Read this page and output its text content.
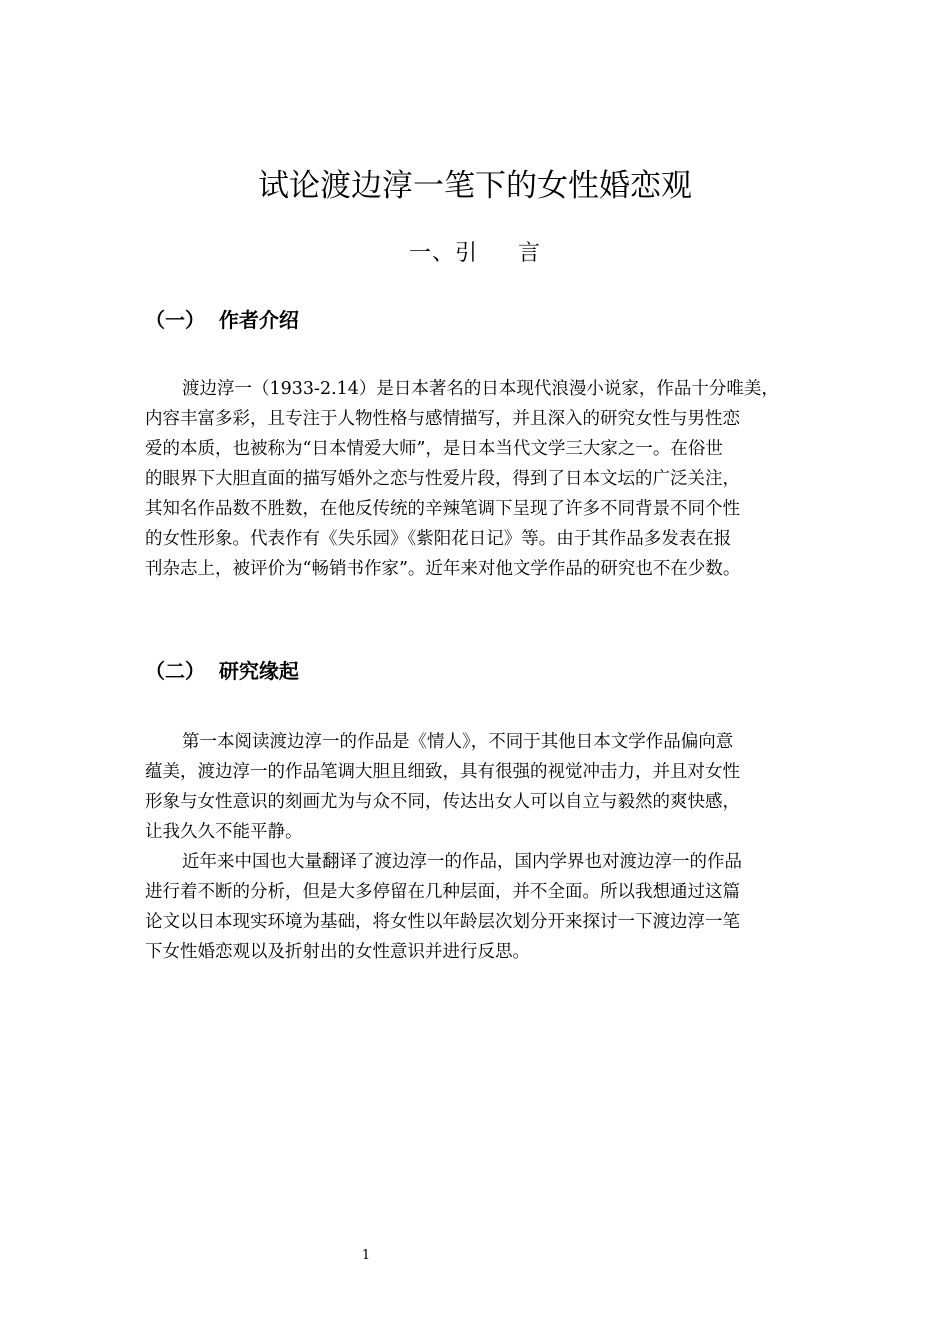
试论渡边淳一笔下的女性婚恋观
一、引     言
（一）  作者介绍
渡边淳一（1933-2.14）是日本著名的日本现代浪漫小说家，作品十分唯美，
内容丰富多彩，且专注于人物性格与感情描写，并且深入的研究女性与男性恋
爱的本质，也被称为“日本情爱大师”，是日本当代文学三大家之一。在俗世
的眼界下大胆直面的描写婚外之恋与性爱片段，得到了日本文坛的广泛关注，
其知名作品数不胜数，在他反传统的辛辣笔调下呈现了许多不同背景不同个性
的女性形象。代表作有《失乐园》《紫阳花日记》等。由于其作品多发表在报
刊杂志上，被评价为“畅销书作家”。近年来对他文学作品的研究也不在少数。
（二）  研究缘起
第一本阅读渡边淳一的作品是《情人》，不同于其他日本文学作品偏向意
蕴美，渡边淳一的作品笔调大胆且细致，具有很强的视觉冲击力，并且对女性
形象与女性意识的刻画尤为与众不同，传达出女人可以自立与毅然的爽快感，
让我久久不能平静。
近年来中国也大量翻译了渡边淳一的作品，国内学界也对渡边淳一的作品
进行着不断的分析，但是大多停留在几种层面，并不全面。所以我想通过这篇
论文以日本现实环境为基础，将女性以年龄层次划分开来探讨一下渡边淳一笔
下女性婚恋观以及折射出的女性意识并进行反思。
1
